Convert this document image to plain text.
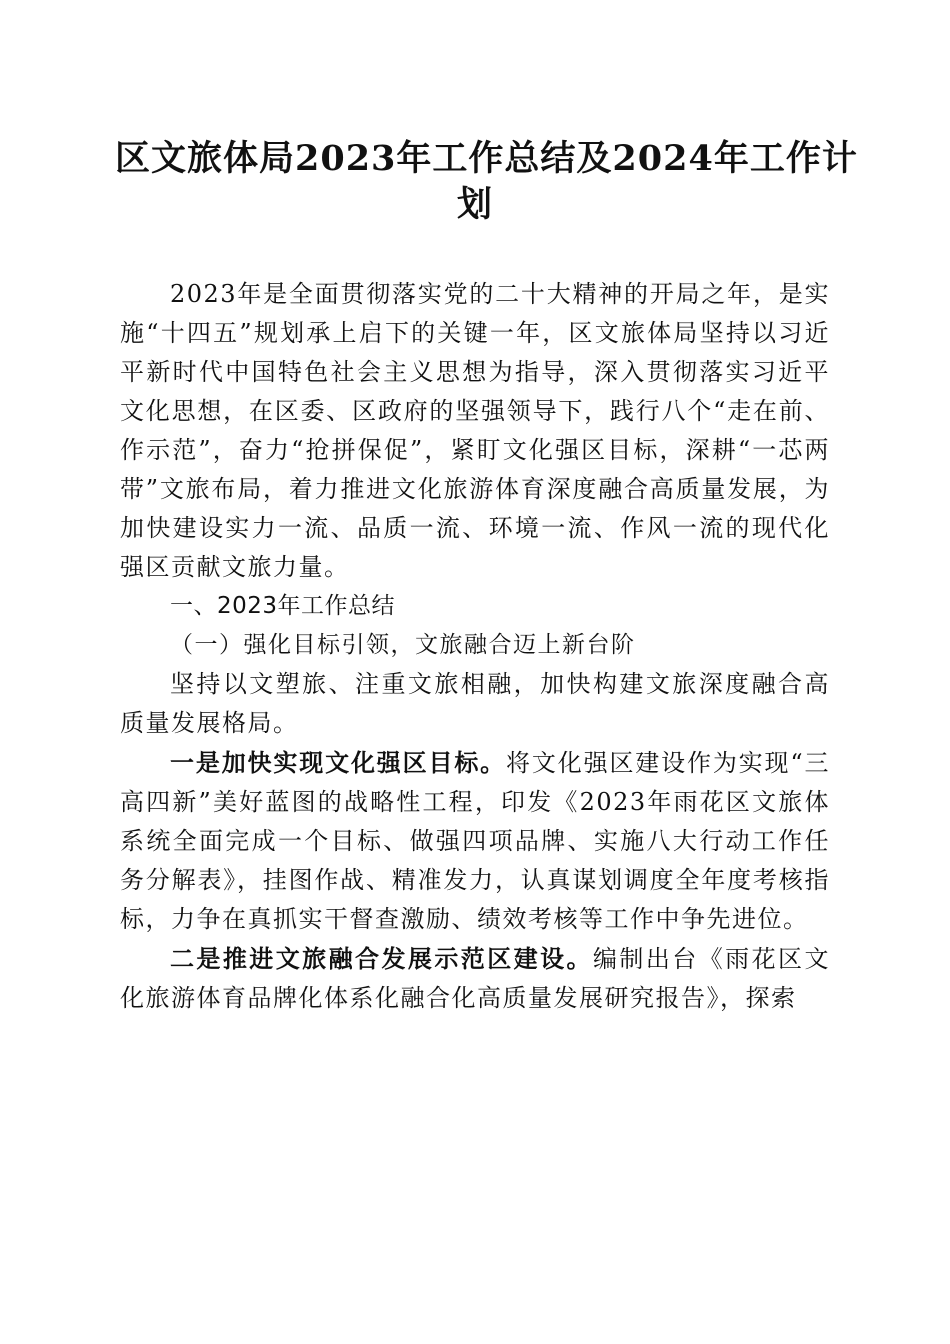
区文旅体局2023年工作总结及2024年工作计
划

2023年是全面贯彻落实党的二十大精神的开局之年，是实施“十四五”规划承上启下的关键一年，区文旅体局坚持以习近平新时代中国特色社会主义思想为指导，深入贯彻落实习近平文化思想，在区委、区政府的坚强领导下，践行八个“走在前、作示范”，奋力“抢拼保促”，紧盯文化强区目标，深耕“一芯两带”文旅布局，着力推进文化旅游体育深度融合高质量发展，为加快建设实力一流、品质一流、环境一流、作风一流的现代化强区贡献文旅力量。

一、2023年工作总结

（一）强化目标引领，文旅融合迈上新台阶

坚持以文塑旅、注重文旅相融，加快构建文旅深度融合高质量发展格局。

一是加快实现文化强区目标。将文化强区建设作为实现“三高四新”美好蓝图的战略性工程，印发《2023年雨花区文旅体系统全面完成一个目标、做强四项品牌、实施八大行动工作任务分解表》，挂图作战、精准发力，认真谋划调度全年度考核指标，力争在真抓实干督查激励、绩效考核等工作中争先进位。

二是推进文旅融合发展示范区建设。编制出台《雨花区文化旅游体育品牌化体系化融合化高质量发展研究报告》，探索
